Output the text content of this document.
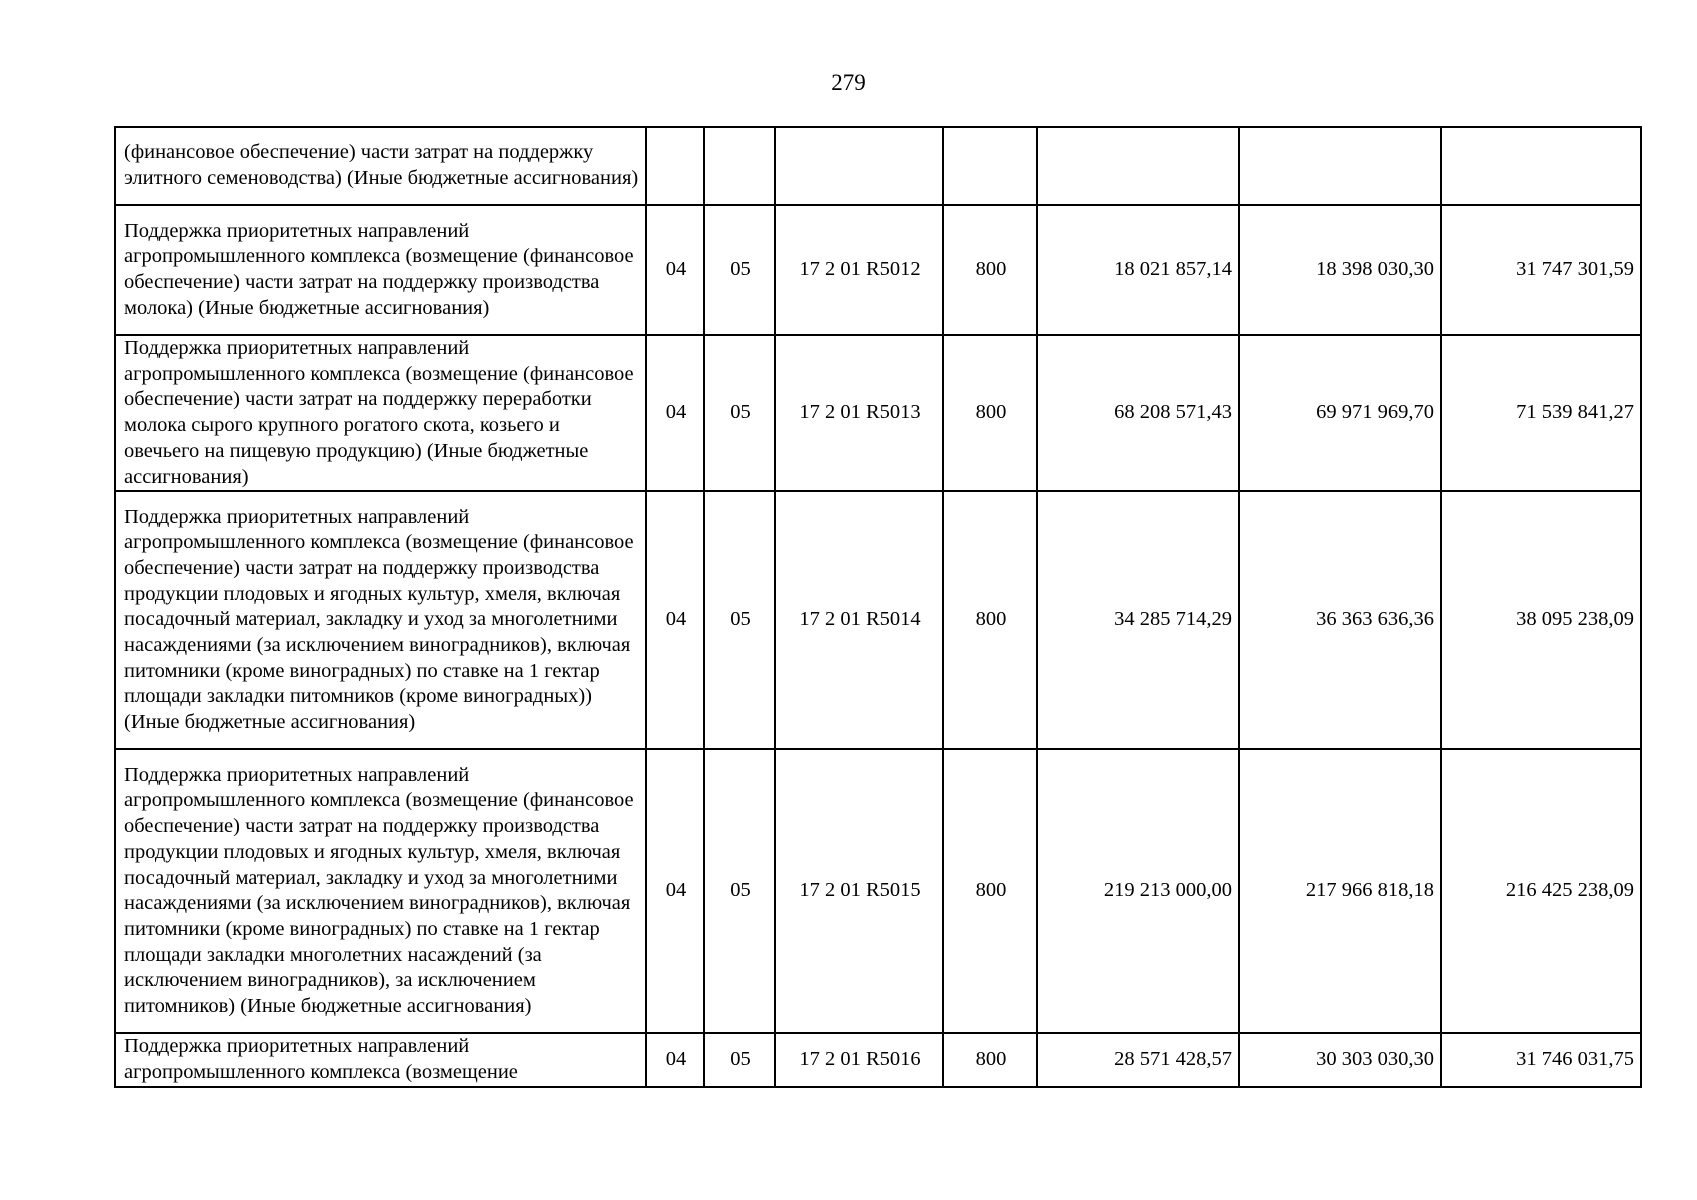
279
(финансовое обеспечение) части затрат на поддержку элитного семеноводства) (Иные бюджетные ассигнования)							
Поддержка приоритетных направлений агропромышленного комплекса (возмещение (финансовое обеспечение) части затрат на поддержку производства молока) (Иные бюджетные ассигнования)	04	05	17 2 01 R5012	800	18 021 857,14	18 398 030,30	31 747 301,59
Поддержка приоритетных направлений агропромышленного комплекса (возмещение (финансовое обеспечение) части затрат на поддержку переработки молока сырого крупного рогатого скота, козьего и овечьего на пищевую продукцию) (Иные бюджетные ассигнования)	04	05	17 2 01 R5013	800	68 208 571,43	69 971 969,70	71 539 841,27
Поддержка приоритетных направлений агропромышленного комплекса (возмещение (финансовое обеспечение) части затрат на поддержку производства продукции плодовых и ягодных культур, хмеля, включая посадочный материал, закладку и уход за многолетними насаждениями (за исключением виноградников), включая питомники (кроме виноградных) по ставке на 1 гектар площади закладки питомников (кроме виноградных)) (Иные бюджетные ассигнования)	04	05	17 2 01 R5014	800	34 285 714,29	36 363 636,36	38 095 238,09
Поддержка приоритетных направлений агропромышленного комплекса (возмещение (финансовое обеспечение) части затрат на поддержку производства продукции плодовых и ягодных культур, хмеля, включая посадочный материал, закладку и уход за многолетними насаждениями (за исключением виноградников), включая питомники (кроме виноградных) по ставке на 1 гектар площади закладки многолетних насаждений (за исключением виноградников), за исключением питомников) (Иные бюджетные ассигнования)	04	05	17 2 01 R5015	800	219 213 000,00	217 966 818,18	216 425 238,09
Поддержка приоритетных направлений агропромышленного комплекса (возмещение	04	05	17 2 01 R5016	800	28 571 428,57	30 303 030,30	31 746 031,75
